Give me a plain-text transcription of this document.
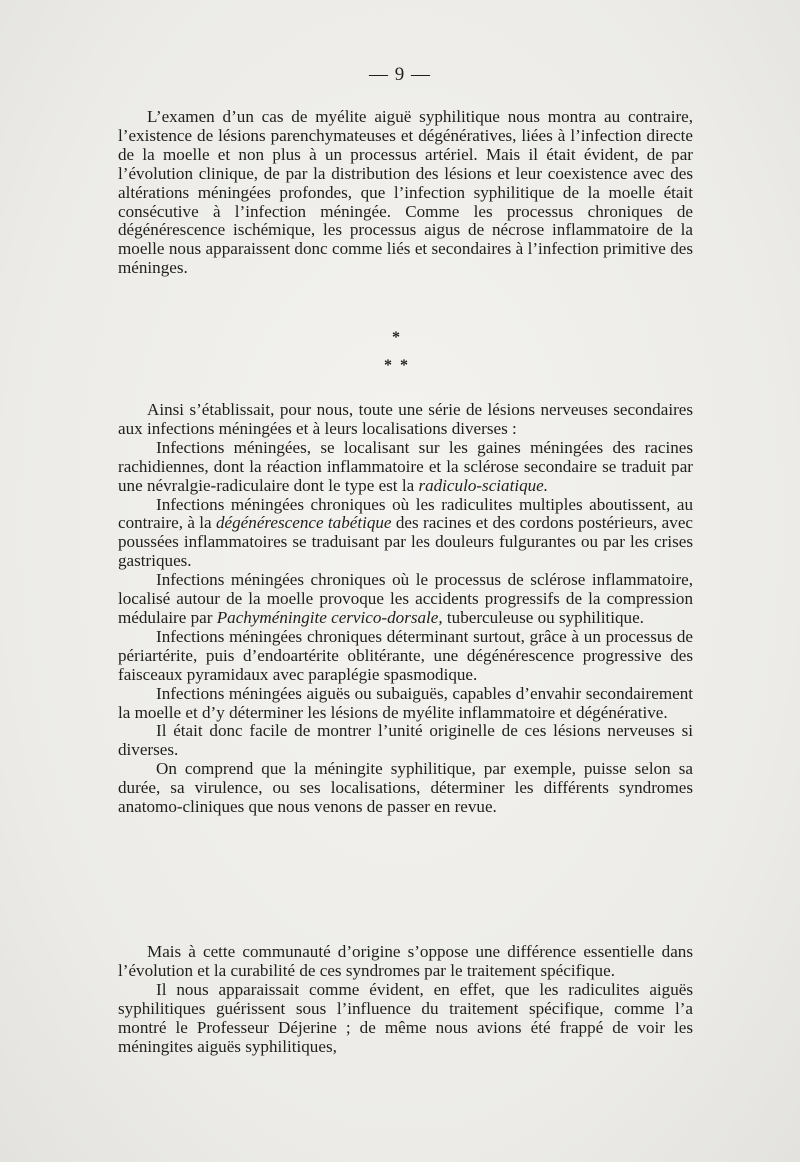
— 9 —

L’examen d’un cas de myélite aiguë syphilitique nous montra au contraire, l’existence de lésions parenchymateuses et dégénératives, liées à l’infection directe de la moelle et non plus à un processus artériel. Mais il était évident, de par l’évolution clinique, de par la distribution des lésions et leur coexistence avec des altérations méningées profondes, que l’infection syphilitique de la moelle était consécutive à l’infection méningée. Comme les processus chroniques de dégénérescence ischémique, les processus aigus de nécrose inflammatoire de la moelle nous apparaissent donc comme liés et secondaires à l’infection primitive des méninges.

*
* *

Ainsi s’établissait, pour nous, toute une série de lésions nerveuses secondaires aux infections méningées et à leurs localisations diverses :

Infections méningées, se localisant sur les gaines méningées des racines rachidiennes, dont la réaction inflammatoire et la sclérose secondaire se traduit par une névralgie-radiculaire dont le type est la radiculo-sciatique.

Infections méningées chroniques où les radiculites multiples aboutissent, au contraire, à la dégénérescence tabétique des racines et des cordons postérieurs, avec poussées inflammatoires se traduisant par les douleurs fulgurantes ou par les crises gastriques.

Infections méningées chroniques où le processus de sclérose inflammatoire, localisé autour de la moelle provoque les accidents progressifs de la compression médulaire par Pachyméningite cervico-dorsale, tuberculeuse ou syphilitique.

Infections méningées chroniques déterminant surtout, grâce à un processus de périartérite, puis d’endoartérite oblitérante, une dégénérescence progressive des faisceaux pyramidaux avec paraplégie spasmodique.

Infections méningées aiguës ou subaiguës, capables d’envahir secondairement la moelle et d’y déterminer les lésions de myélite inflammatoire et dégénérative.

Il était donc facile de montrer l’unité originelle de ces lésions nerveuses si diverses.

On comprend que la méningite syphilitique, par exemple, puisse selon sa durée, sa virulence, ou ses localisations, déterminer les différents syndromes anatomo-cliniques que nous venons de passer en revue.

Mais à cette communauté d’origine s’oppose une différence essentielle dans l’évolution et la curabilité de ces syndromes par le traitement spécifique.

Il nous apparaissait comme évident, en effet, que les radiculites aiguës syphilitiques guérissent sous l’influence du traitement spécifique, comme l’a montré le Professeur Déjerine ; de même nous avions été frappé de voir les méningites aiguës syphilitiques,
